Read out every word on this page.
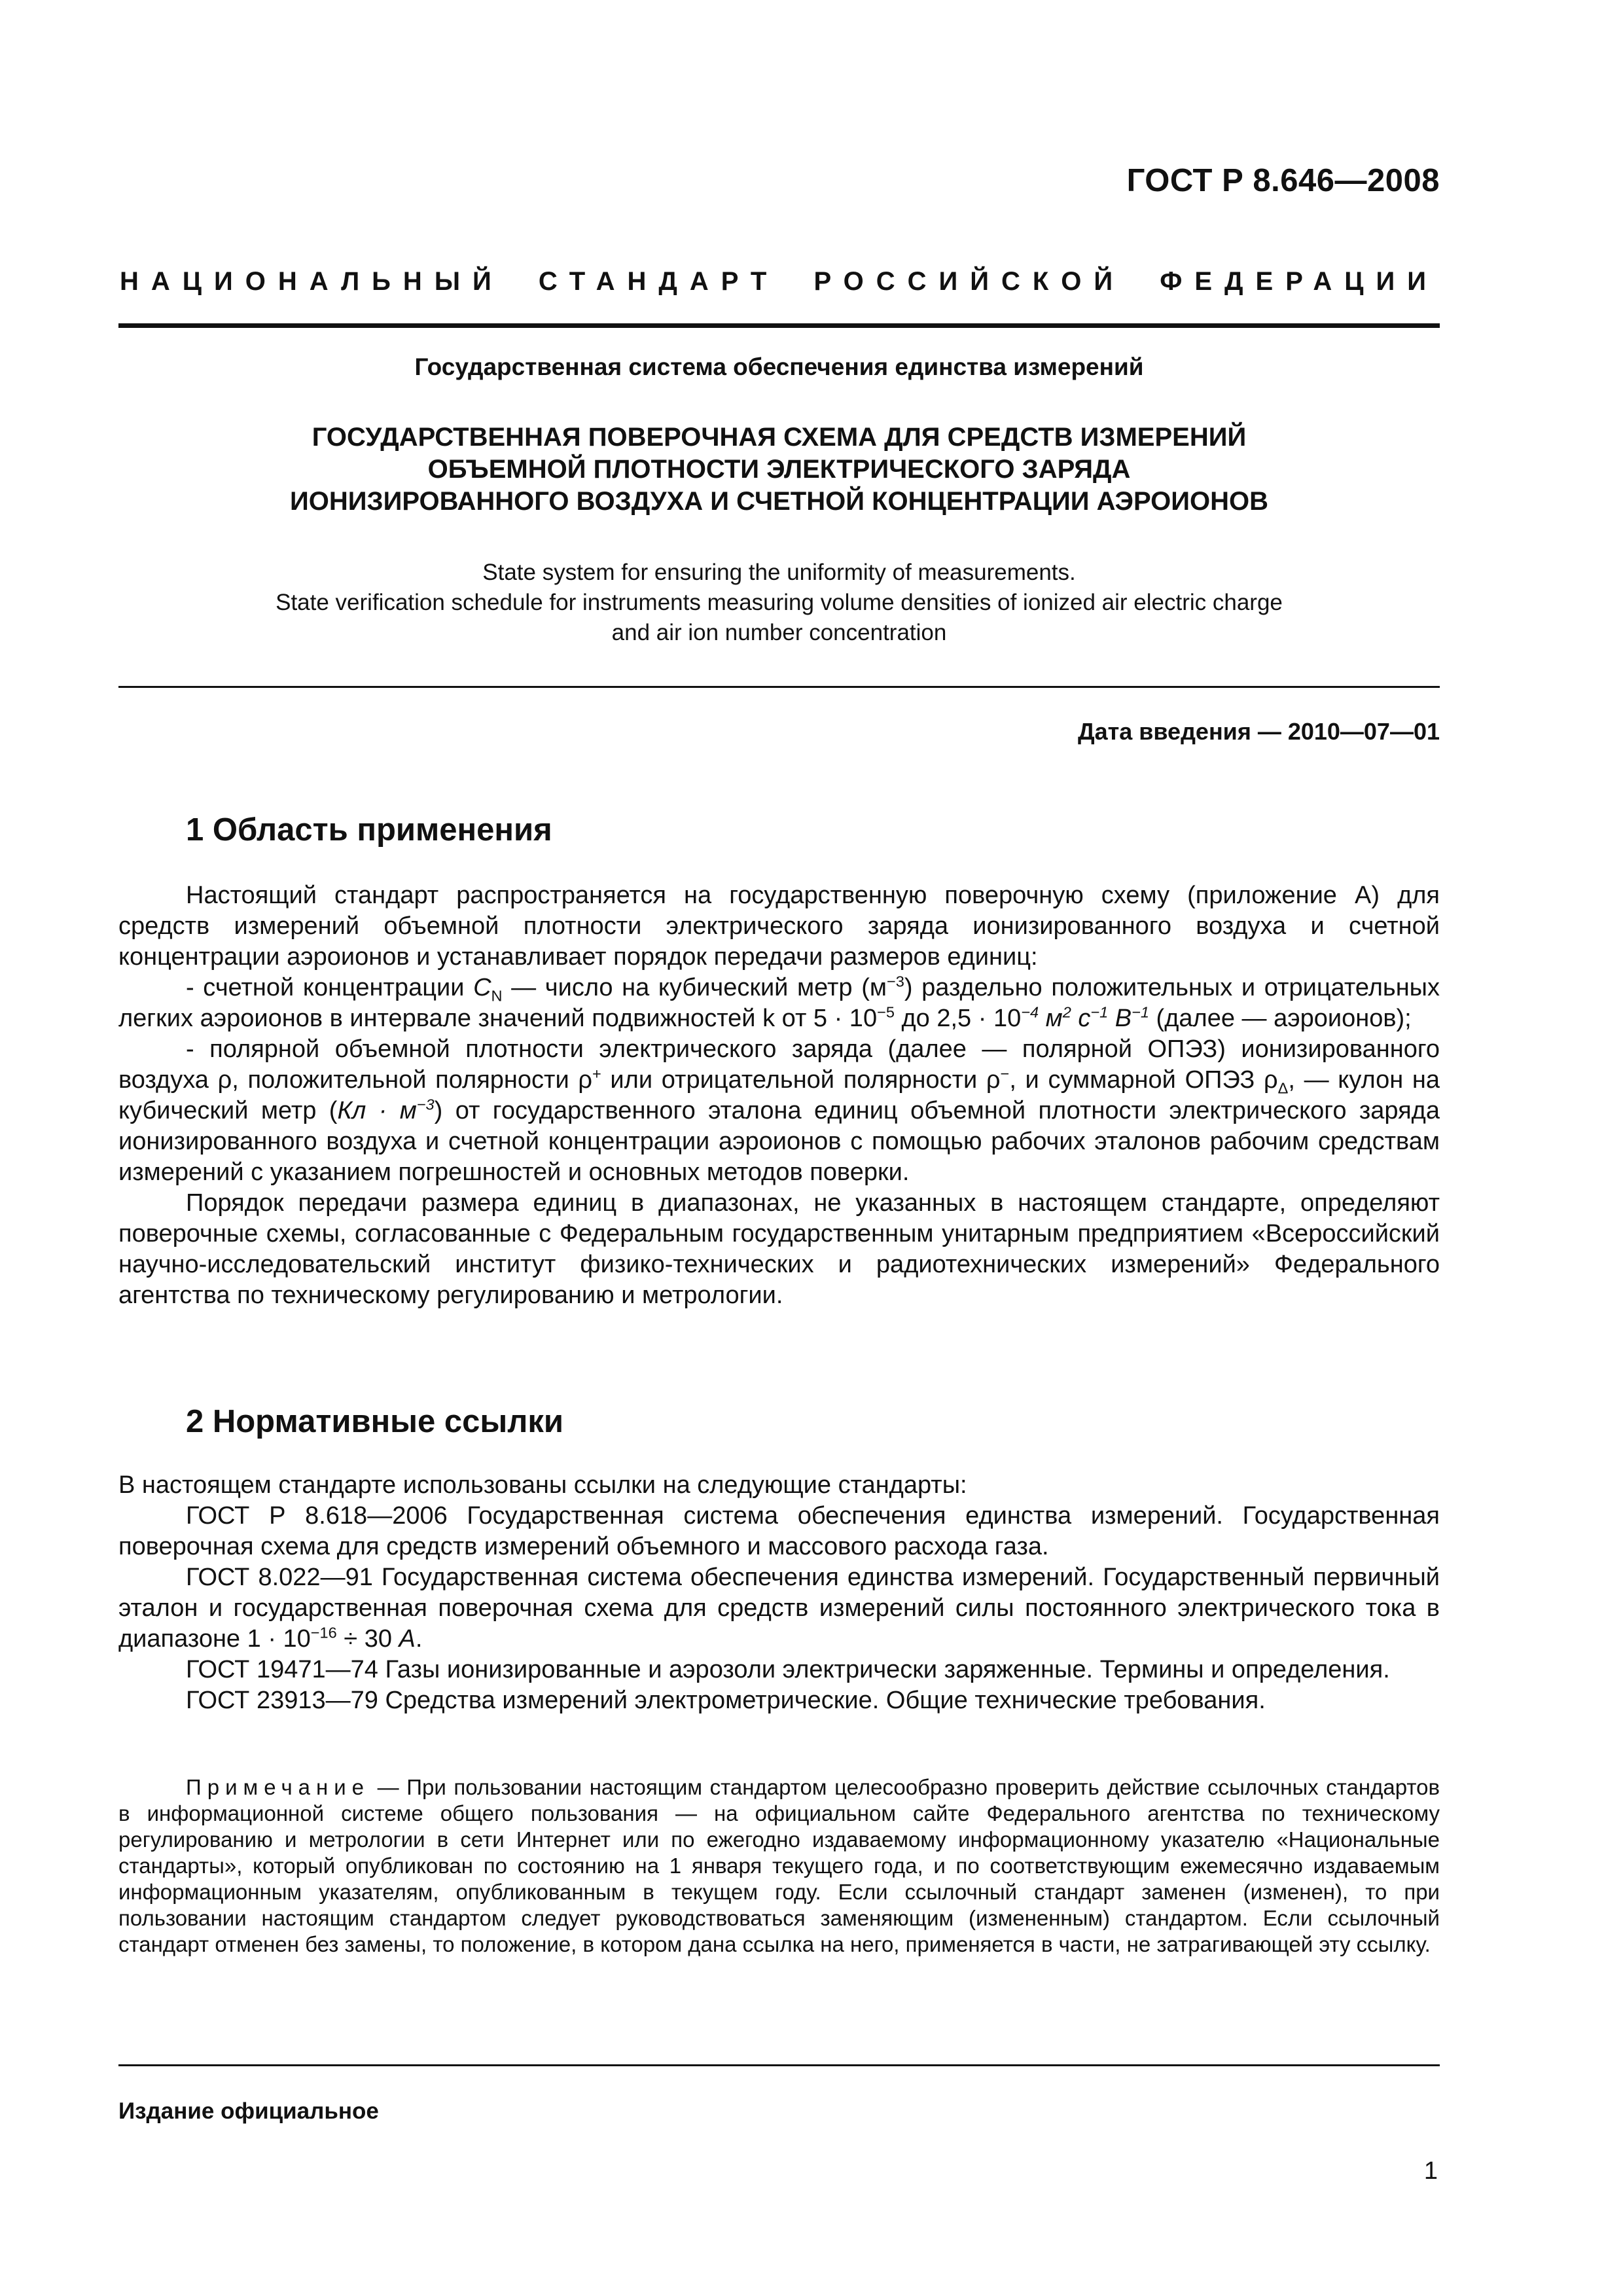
ГОСТ Р 8.646—2008
НАЦИОНАЛЬНЫЙ СТАНДАРТ РОССИЙСКОЙ ФЕДЕРАЦИИ
Государственная система обеспечения единства измерений
ГОСУДАРСТВЕННАЯ ПОВЕРОЧНАЯ СХЕМА ДЛЯ СРЕДСТВ ИЗМЕРЕНИЙ
ОБЪЕМНОЙ ПЛОТНОСТИ ЭЛЕКТРИЧЕСКОГО ЗАРЯДА
ИОНИЗИРОВАННОГО ВОЗДУХА И СЧЕТНОЙ КОНЦЕНТРАЦИИ АЭРОИОНОВ
State system for ensuring the uniformity of measurements.
State verification schedule for instruments measuring volume densities of ionized air electric charge
and air ion number concentration
Дата введения — 2010—07—01
1 Область применения

Настоящий стандарт распространяется на государственную поверочную схему (приложение А) для средств измерений объемной плотности электрического заряда ионизированного воздуха и счетной концентрации аэроионов и устанавливает порядок передачи размеров единиц:

- счетной концентрации $C_N$ — число на кубический метр $(м^{-3})$ раздельно положительных и отрицательных легких аэроионов в интервале значений подвижностей k от $5 \cdot 10^{-5}$ до $2,5 \cdot 10^{-4}$ $м^2$ $с^{-1}$ $В^{-1}$ (далее — аэроионов);

- полярной объемной плотности электрического заряда (далее — полярной ОПЭЗ) ионизированного воздуха ρ, положительной полярности ρ+ или отрицательной полярности ρ−, и суммарной ОПЭЗ $\rho_\Delta$, — кулон на кубический метр $(Кл \cdot м^{-3})$ от государственного эталона единиц объемной плотности электрического заряда ионизированного воздуха и счетной концентрации аэроионов с помощью рабочих эталонов рабочим средствам измерений с указанием погрешностей и основных методов поверки.

Порядок передачи размера единиц в диапазонах, не указанных в настоящем стандарте, определяют поверочные схемы, согласованные с Федеральным государственным унитарным предприятием «Всероссийский научно-исследовательский институт физико-технических и радиотехнических измерений» Федерального агентства по техническому регулированию и метрологии.

2 Нормативные ссылки

В настоящем стандарте использованы ссылки на следующие стандарты:

ГОСТ Р 8.618—2006 Государственная система обеспечения единства измерений. Государственная поверочная схема для средств измерений объемного и массового расхода газа.

ГОСТ 8.022—91 Государственная система обеспечения единства измерений. Государственный первичный эталон и государственная поверочная схема для средств измерений силы постоянного электрического тока в диапазоне $1 \cdot 10^{-16} \div 30$ А.

ГОСТ 19471—74 Газы ионизированные и аэрозоли электрически заряженные. Термины и определения.

ГОСТ 23913—79 Средства измерений электрометрические. Общие технические требования.

Примечание — При пользовании настоящим стандартом целесообразно проверить действие ссылочных стандартов в информационной системе общего пользования — на официальном сайте Федерального агентства по техническому регулированию и метрологии в сети Интернет или по ежегодно издаваемому информационному указателю «Национальные стандарты», который опубликован по состоянию на 1 января текущего года, и по соответствующим ежемесячно издаваемым информационным указателям, опубликованным в текущем году. Если ссылочный стандарт заменен (изменен), то при пользовании настоящим стандартом следует руководствоваться заменяющим (измененным) стандартом. Если ссылочный стандарт отменен без замены, то положение, в котором дана ссылка на него, применяется в части, не затрагивающей эту ссылку.

Издание официальное
1
